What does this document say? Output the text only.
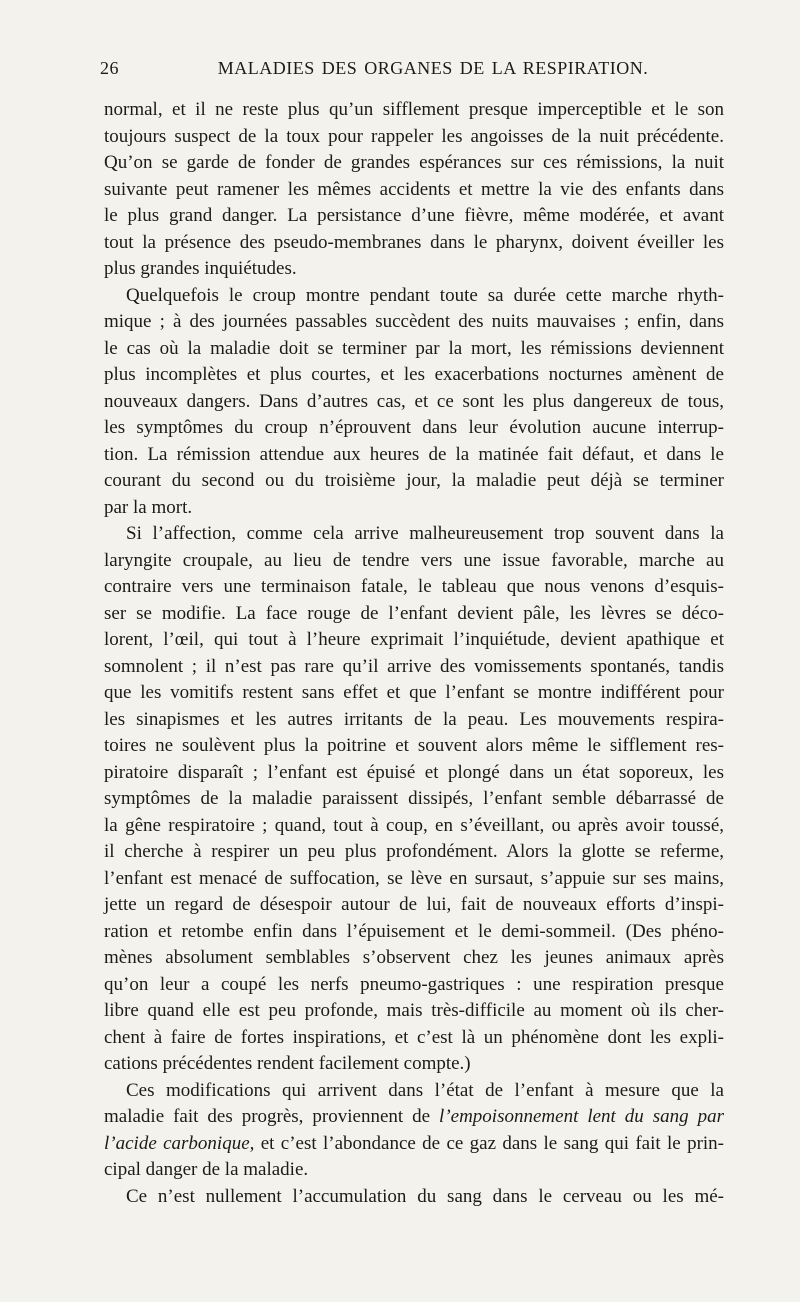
26	MALADIES DES ORGANES DE LA RESPIRATION.
normal, et il ne reste plus qu’un sifflement presque imperceptible et le son
toujours suspect de la toux pour rappeler les angoisses de la nuit précédente.
Qu’on se garde de fonder de grandes espérances sur ces rémissions, la nuit
suivante peut ramener les mêmes accidents et mettre la vie des enfants dans
le plus grand danger. La persistance d’une fièvre, même modérée, et avant
tout la présence des pseudo-membranes dans le pharynx, doivent éveiller les
plus grandes inquiétudes.
Quelquefois le croup montre pendant toute sa durée cette marche rhyth-
mique ; à des journées passables succèdent des nuits mauvaises ; enfin, dans
le cas où la maladie doit se terminer par la mort, les rémissions deviennent
plus incomplètes et plus courtes, et les exacerbations nocturnes amènent de
nouveaux dangers. Dans d’autres cas, et ce sont les plus dangereux de tous,
les symptômes du croup n’éprouvent dans leur évolution aucune interrup-
tion. La rémission attendue aux heures de la matinée fait défaut, et dans le
courant du second ou du troisième jour, la maladie peut déjà se terminer
par la mort.
Si l’affection, comme cela arrive malheureusement trop souvent dans la
laryngite croupale, au lieu de tendre vers une issue favorable, marche au
contraire vers une terminaison fatale, le tableau que nous venons d’esquis-
ser se modifie. La face rouge de l’enfant devient pâle, les lèvres se déco-
lorent, l’œil, qui tout à l’heure exprimait l’inquiétude, devient apathique et
somnolent ; il n’est pas rare qu’il arrive des vomissements spontanés, tandis
que les vomitifs restent sans effet et que l’enfant se montre indifférent pour
les sinapismes et les autres irritants de la peau. Les mouvements respira-
toires ne soulèvent plus la poitrine et souvent alors même le sifflement res-
piratoire disparaît ; l’enfant est épuisé et plongé dans un état soporeux, les
symptômes de la maladie paraissent dissipés, l’enfant semble débarrassé de
la gêne respiratoire ; quand, tout à coup, en s’éveillant, ou après avoir toussé,
il cherche à respirer un peu plus profondément. Alors la glotte se referme,
l’enfant est menacé de suffocation, se lève en sursaut, s’appuie sur ses mains,
jette un regard de désespoir autour de lui, fait de nouveaux efforts d’inspi-
ration et retombe enfin dans l’épuisement et le demi-sommeil. (Des phéno-
mènes absolument semblables s’observent chez les jeunes animaux après
qu’on leur a coupé les nerfs pneumo-gastriques : une respiration presque
libre quand elle est peu profonde, mais très-difficile au moment où ils cher-
chent à faire de fortes inspirations, et c’est là un phénomène dont les expli-
cations précédentes rendent facilement compte.)
Ces modifications qui arrivent dans l’état de l’enfant à mesure que la
maladie fait des progrès, proviennent de l’empoisonnement lent du sang par
l’acide carbonique, et c’est l’abondance de ce gaz dans le sang qui fait le prin-
cipal danger de la maladie.
Ce n’est nullement l’accumulation du sang dans le cerveau ou les mé-
